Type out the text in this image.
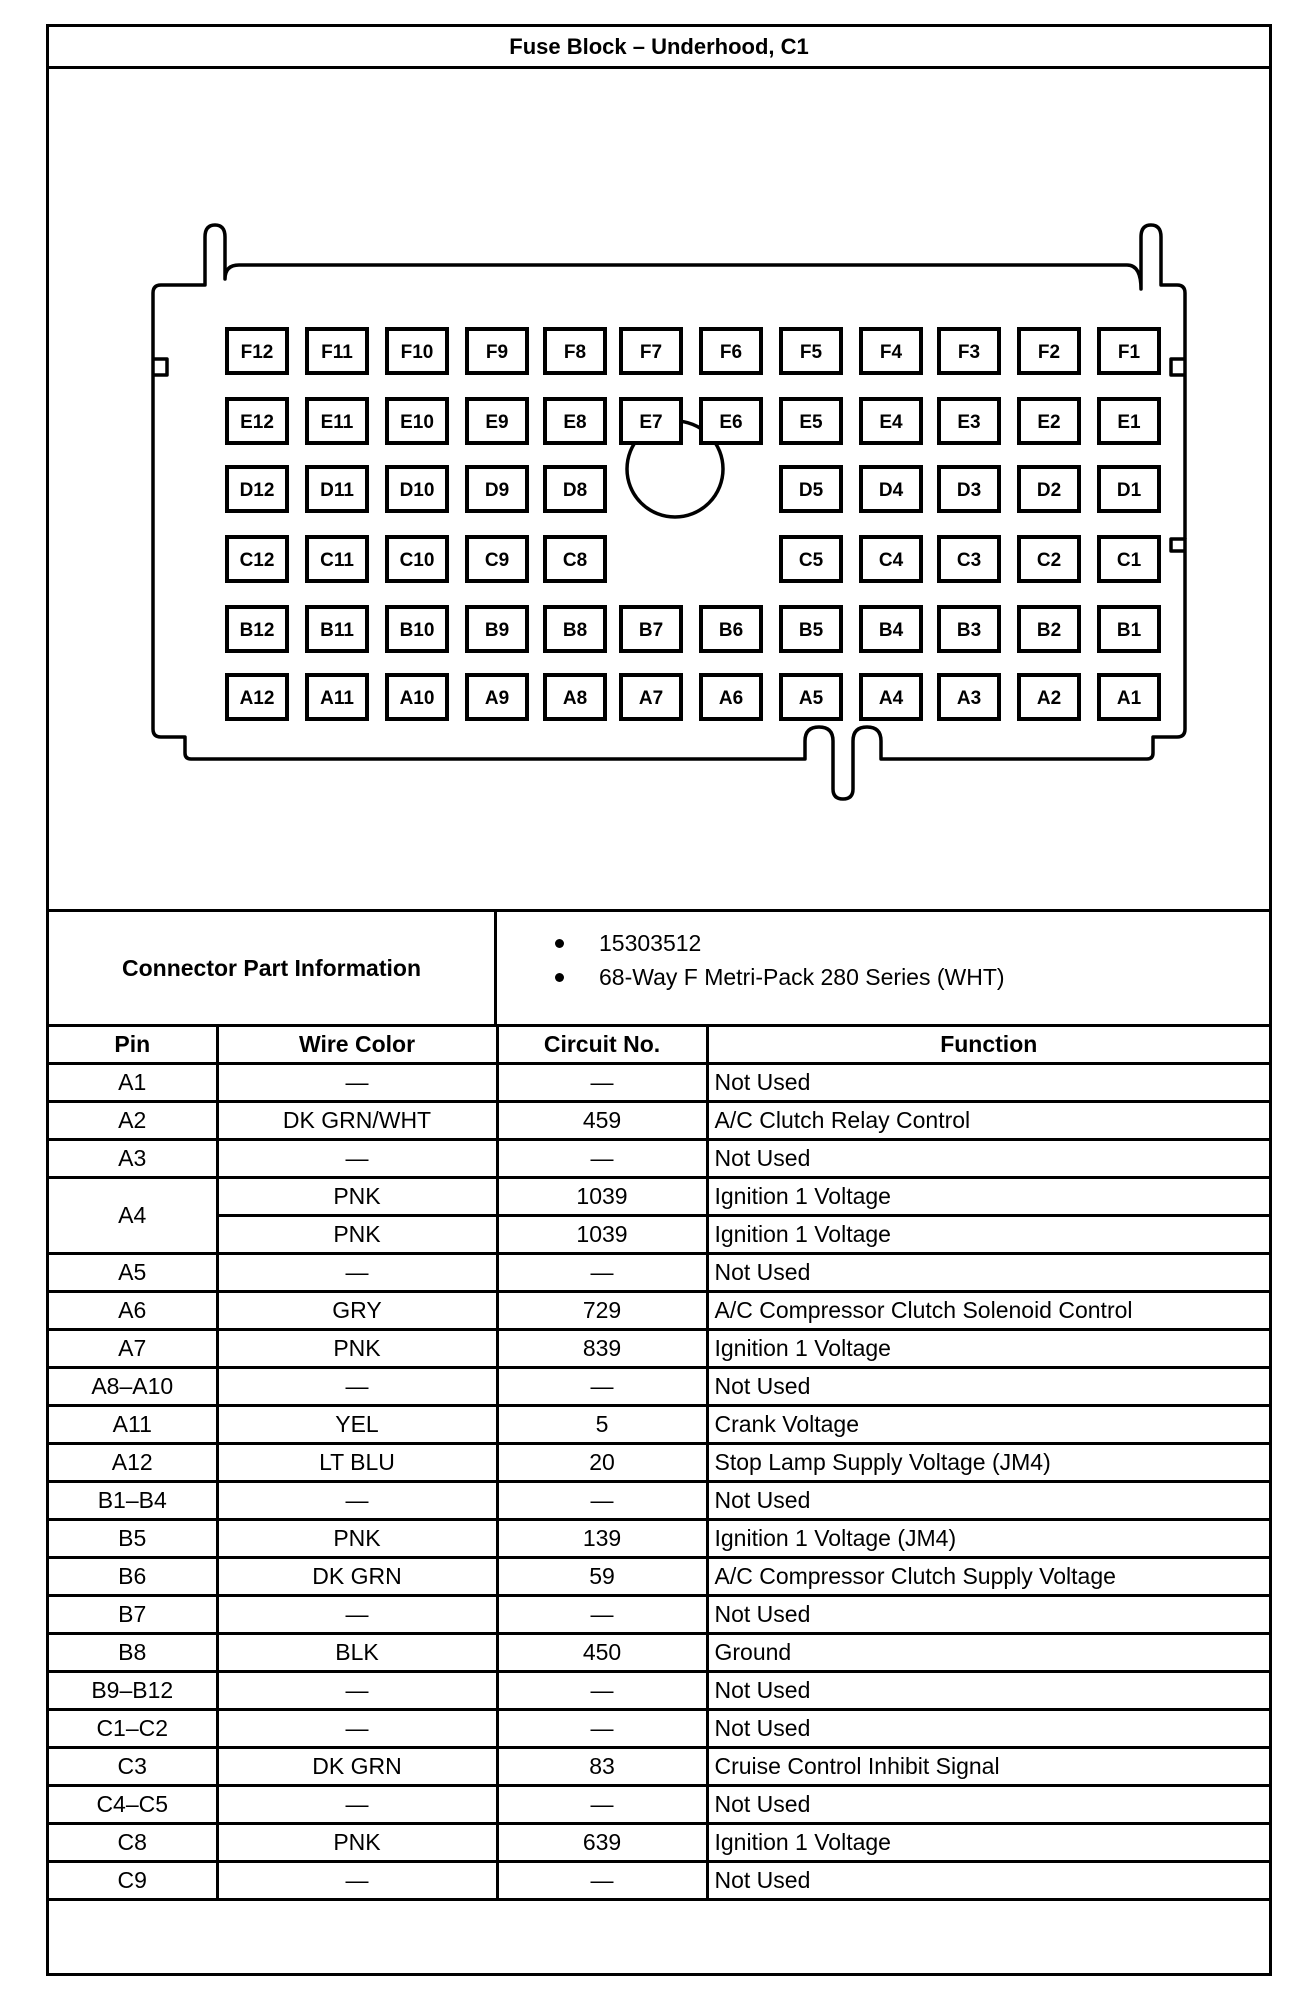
Fuse Block – Underhood, C1
F12	F11	F10	F9	F8	F7	F6	F5	F4	F3	F2	F1
E12 E11 E10	E9	E8	E7	E6	E5	E4	E3	E2	E1
D12 D11 D10	D9	D8	D5	D4	D3	D2	D1
C12 C11 C10	C9	C8	C5	C4	C3	C2	C1
B12 B11 B10	B9	B8	B7	B6	B5	B4	B3	B2	B1
A12 A11 A10	A9	A8	A7	A6	A5	A4	A3	A2	A1
Connector Part Information
15303512
68-Way F Metri-Pack 280 Series (WHT)
Pin	Wire Color	Circuit No.	Function
A1	—	—	Not Used
A2	DK GRN/WHT	459	A/C Clutch Relay Control
A3	—	—	Not Used
A4	PNK	1039	Ignition 1 Voltage
	PNK	1039	Ignition 1 Voltage
A5	—	—	Not Used
A6	GRY	729	A/C Compressor Clutch Solenoid Control
A7	PNK	839	Ignition 1 Voltage
A8–A10	—	—	Not Used
A11	YEL	5	Crank Voltage
A12	LT BLU	20	Stop Lamp Supply Voltage (JM4)
B1–B4	—	—	Not Used
B5	PNK	139	Ignition 1 Voltage (JM4)
B6	DK GRN	59	A/C Compressor Clutch Supply Voltage
B7	—	—	Not Used
B8	BLK	450	Ground
B9–B12	—	—	Not Used
C1–C2	—	—	Not Used
C3	DK GRN	83	Cruise Control Inhibit Signal
C4–C5	—	—	Not Used
C8	PNK	639	Ignition 1 Voltage
C9	—	—	Not Used
